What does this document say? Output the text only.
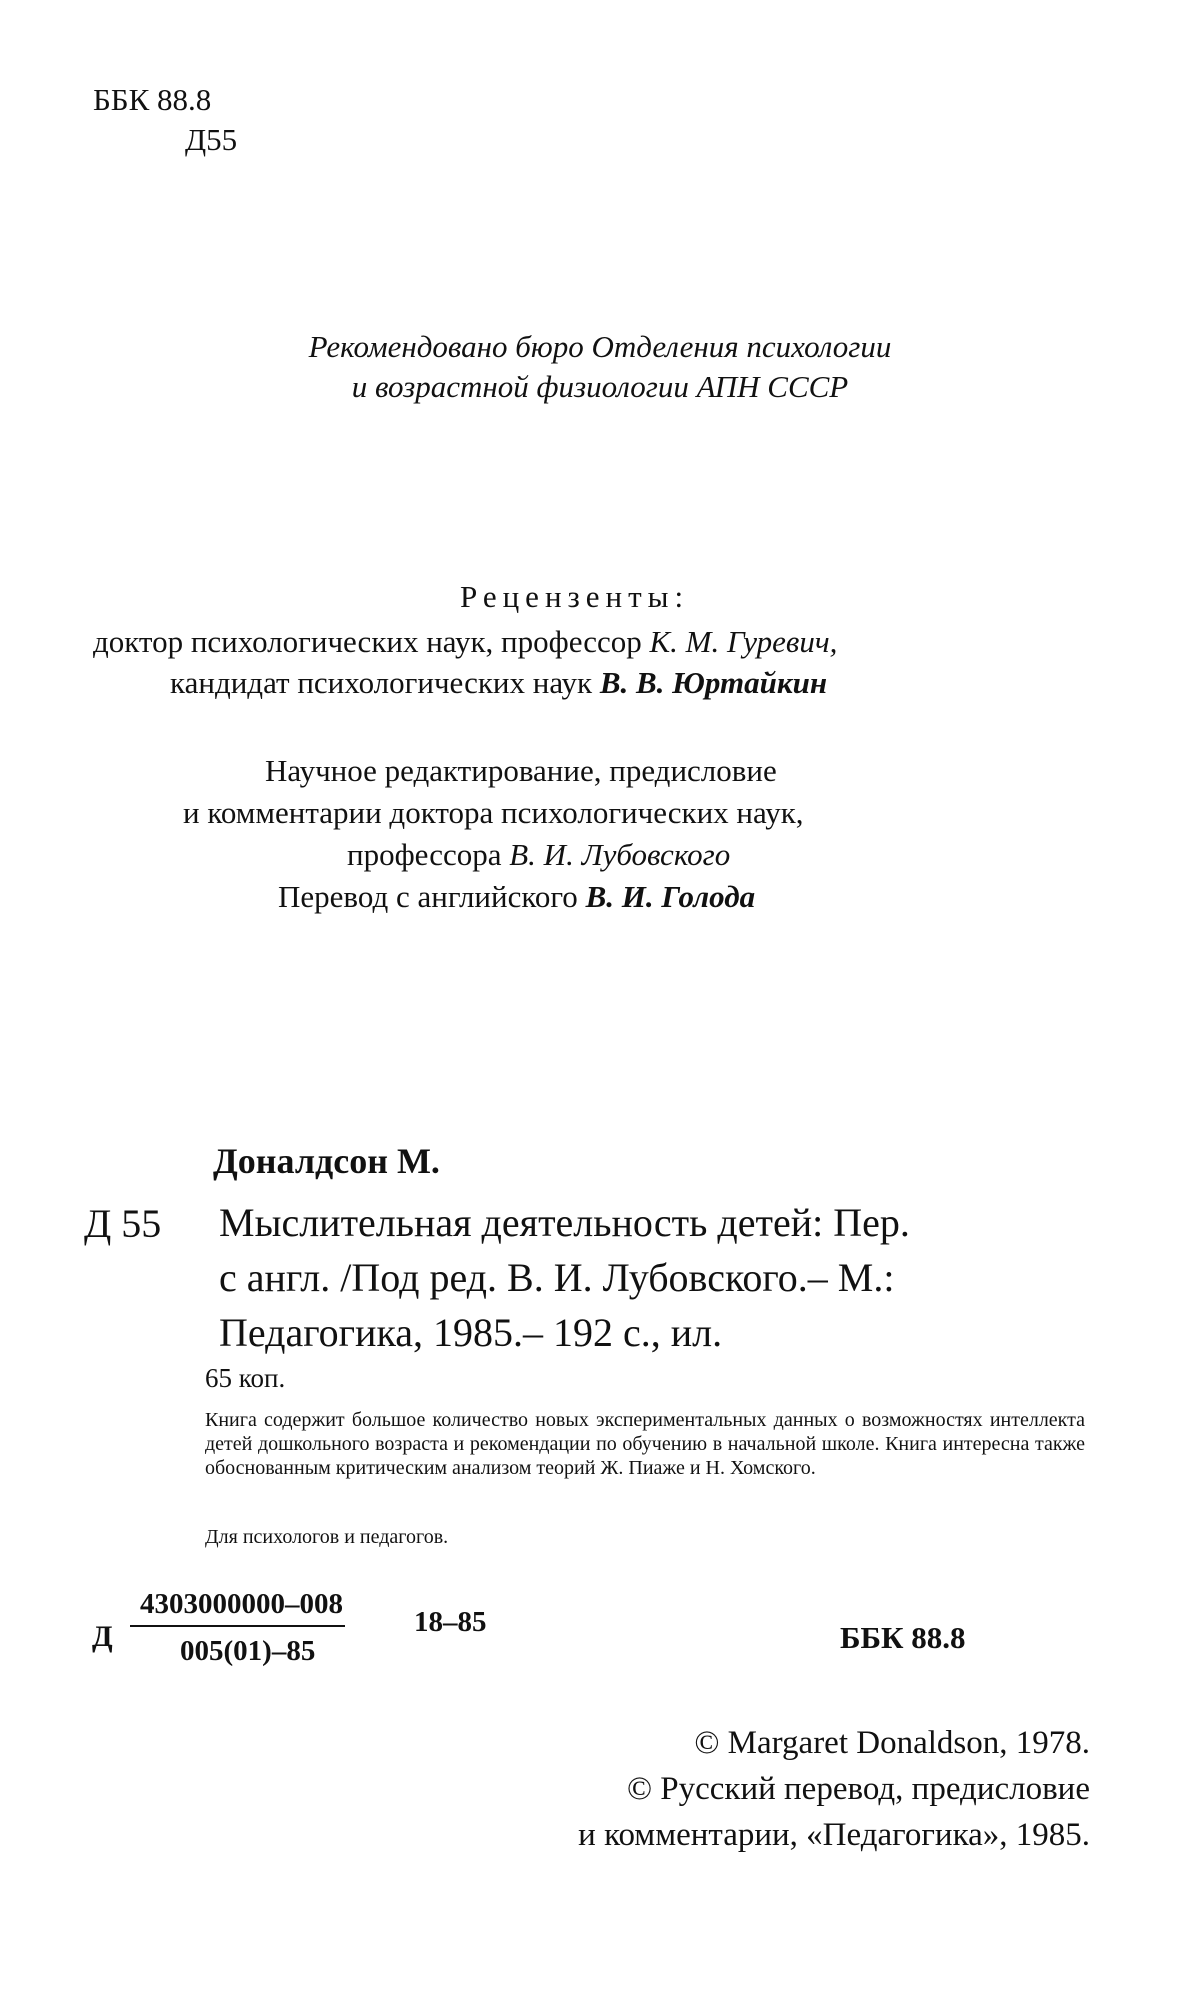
ББК 88.8
Д55
Рекомендовано бюро Отделения психологии
и возрастной физиологии АПН СССР
Рецензенты:
доктор психологических наук, профессор К. М. Гуревич,
кандидат психологических наук В. В. Юртайкин
Научное редактирование, предисловие
и комментарии доктора психологических наук,
профессора В. И. Лубовского
Перевод с английского В. И. Голода
Доналдсон М.
Д 55 Мыслительная деятельность детей: Пер.
с англ. /Под ред. В. И. Лубовского.– М.:
Педагогика, 1985.– 192 с., ил.
65 коп.
Книга содержит большое количество новых экспериментальных данных о возможностях интеллекта детей дошкольного возраста и рекомендации по обучению в начальной школе. Книга интересна также обоснованным критическим анализом теорий Ж. Пиаже и Н. Хомского.
Для психологов и педагогов.
Д $\frac{4303000000-008}{005(01)-85} 18-85$	ББК 88.8
© Margaret Donaldson, 1978.
© Русский перевод, предисловие
и комментарии, «Педагогика», 1985.
